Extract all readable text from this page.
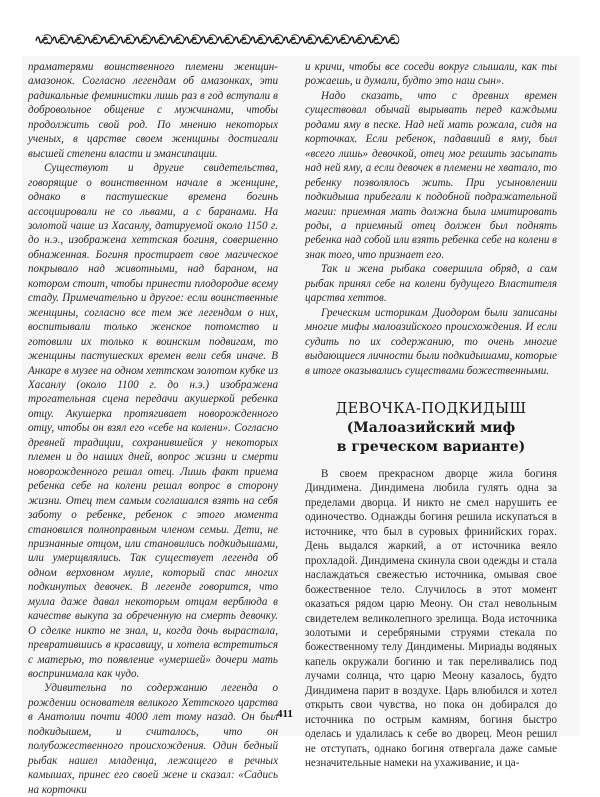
∿ඞ∿ඞ∿ඞ∿ඞ∿ඞ∿ඞ∿ඞ∿ඞ∿ඞ∿ඞ∿ඞ∿ඞ∿ඞ∿ඞ∿ඞ∿ඞ∿ඞ∿ඞ∿ඞ∿ඞ∿ඞ∿ඞ

праматерями воинственного племени женщин-амазонок. Согласно легендам об амазонках, эти радикальные феминистки лишь раз в год вступали в добровольное общение с мужчинами, чтобы продолжить свой род. По мнению некоторых ученых, в царстве своем женщины достигали высшей степени власти и эмансипации.

Существуют и другие свидетельства, говорящие о воинственном начале в женщине, однако в пастушеские времена богинь ассоциировали не со львами, а с баранами. На золотой чаше из Хасанлу, датируемой около 1150 г. до н.э., изображена хеттская богиня, совершенно обнаженная. Богиня простирает свое магическое покрывало над животными, над бараном, на котором стоит, чтобы принести плодородие всему стаду. Примечательно и другое: если воинственные женщины, согласно все тем же легендам о них, воспитывали только женское потомство и готовили их только к воинским подвигам, то женщины пастушеских времен вели себя иначе. В Анкаре в музее на одном хеттском золотом кубке из Хасанлу (около 1100 г. до н.э.) изображена трогательная сцена передачи акушеркой ребенка отцу. Акушерка протягивает новорожденного отцу, чтобы он взял его «себе на колени». Согласно древней традиции, сохранившейся у некоторых племен и до наших дней, вопрос жизни и смерти новорожденного решал отец. Лишь факт приема ребенка себе на колени решал вопрос в сторону жизни. Отец тем самым соглашался взять на себя заботу о ребенке, ребенок с этого момента становился полноправным членом семьи. Дети, не признанные отцом, или становились подкидышами, или умерщвлялись. Так существует легенда об одном верховном мулле, который спас многих подкинутых девочек. В легенде говорится, что мулла даже давал некоторым отцам верблюда в качестве выкупа за обреченную на смерть девочку. О сделке никто не знал, и, когда дочь вырастала, превратившись в красавицу, и хотела встретиться с матерью, то появление «умершей» дочери мать воспринимала как чудо.

Удивительна по содержанию легенда о рождении основателя великого Хеттского царства в Анатолии почти 4000 лет тому назад. Он был подкидышем, и считалось, что он полубожественного происхождения. Один бедный рыбак нашел младенца, лежащего в речных камышах, принес его своей жене и сказал: «Садись на корточки

и кричи, чтобы все соседи вокруг слышали, как ты рожаешь, и думали, будто это наш сын».

Надо сказать, что с древних времен существовал обычай вырывать перед каждыми родами яму в песке. Над ней мать рожала, сидя на корточках. Если ребенок, падавший в яму, был «всего лишь» девочкой, отец мог решить засыпать над ней яму, а если девочек в племени не хватало, то ребенку позволялось жить. При усыновлении подкидыша прибегали к подобной подражательной магии: приемная мать должна была имитировать роды, а приемный отец должен был поднять ребенка над собой или взять ребенка себе на колени в знак того, что признает его.

Так и жена рыбака совершила обряд, а сам рыбак принял себе на колени будущего Властителя царства хеттов.

Греческим историкам Диодором были записаны многие мифы малоазийского происхождения. И если судить по их содержанию, то очень многие выдающиеся личности были подкидышами, которые в итоге оказывались существами божественными.

ДЕВОЧКА-ПОДКИДЫШ
(Малоазийский миф
в греческом варианте)

В своем прекрасном дворце жила богиня Диндимена. Диндимена любила гулять одна за пределами дворца. И никто не смел нарушить ее одиночество. Однажды богиня решила искупаться в источнике, что был в суровых фринийских горах. День выдался жаркий, а от источника веяло прохладой. Диндимена скинула свои одежды и стала наслаждаться свежестью источника, омывая свое божественное тело. Случилось в этот момент оказаться рядом царю Меону. Он стал невольным свидетелем великолепного зрелища. Вода источника золотыми и серебряными струями стекала по божественному телу Диндимены. Мириады водяных капель окружали богиню и так переливались под лучами солнца, что царю Меону казалось, будто Диндимена парит в воздухе. Царь влюбился и хотел открыть свои чувства, но пока он добирался до источника по острым камням, богиня быстро оделась и удалилась к себе во дворец. Меон решил не отступать, однако богиня отвергала даже самые незначительные намеки на ухаживание, и ца-

411
